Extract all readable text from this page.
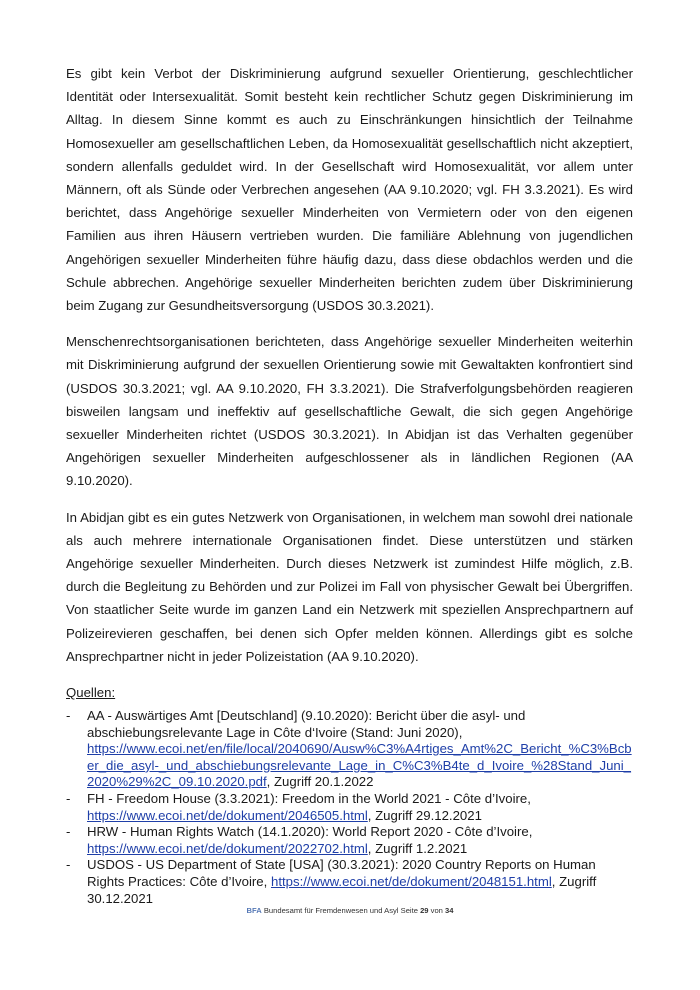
Es gibt kein Verbot der Diskriminierung aufgrund sexueller Orientierung, geschlechtlicher Identität oder Intersexualität. Somit besteht kein rechtlicher Schutz gegen Diskriminierung im Alltag. In diesem Sinne kommt es auch zu Einschränkungen hinsichtlich der Teilnahme Homosexueller am gesellschaftlichen Leben, da Homosexualität gesellschaftlich nicht akzeptiert, sondern allenfalls geduldet wird. In der Gesellschaft wird Homosexualität, vor allem unter Männern, oft als Sünde oder Verbrechen angesehen (AA 9.10.2020; vgl. FH 3.3.2021). Es wird berichtet, dass Angehörige sexueller Minderheiten von Vermietern oder von den eigenen Familien aus ihren Häusern vertrieben wurden. Die familiäre Ablehnung von jugendlichen Angehörigen sexueller Minderheiten führe häufig dazu, dass diese obdachlos werden und die Schule abbrechen. Angehörige sexueller Minderheiten berichten zudem über Diskriminierung beim Zugang zur Gesundheitsversorgung (USDOS 30.3.2021).

Menschenrechtsorganisationen berichteten, dass Angehörige sexueller Minderheiten weiterhin mit Diskriminierung aufgrund der sexuellen Orientierung sowie mit Gewaltakten konfrontiert sind (USDOS 30.3.2021; vgl. AA 9.10.2020, FH 3.3.2021). Die Strafverfolgungsbehörden reagieren bisweilen langsam und ineffektiv auf gesellschaftliche Gewalt, die sich gegen Angehörige sexueller Minderheiten richtet (USDOS 30.3.2021). In Abidjan ist das Verhalten gegenüber Angehörigen sexueller Minderheiten aufgeschlossener als in ländlichen Regionen (AA 9.10.2020).

In Abidjan gibt es ein gutes Netzwerk von Organisationen, in welchem man sowohl drei nationale als auch mehrere internationale Organisationen findet. Diese unterstützen und stärken Angehörige sexueller Minderheiten. Durch dieses Netzwerk ist zumindest Hilfe möglich, z.B. durch die Begleitung zu Behörden und zur Polizei im Fall von physischer Gewalt bei Übergriffen. Von staatlicher Seite wurde im ganzen Land ein Netzwerk mit speziellen Ansprechpartnern auf Polizeirevieren geschaffen, bei denen sich Opfer melden können. Allerdings gibt es solche Ansprechpartner nicht in jeder Polizeistation (AA 9.10.2020).

Quellen:
- AA - Auswärtiges Amt [Deutschland] (9.10.2020): Bericht über die asyl- und abschiebungsrelevante Lage in Côte d‘Ivoire (Stand: Juni 2020),
https://www.ecoi.net/en/file/local/2040690/Ausw%C3%A4rtiges_Amt%2C_Bericht_%C3%Bcber_die_asyl-_und_abschiebungsrelevante_Lage_in_C%C3%B4te_d_Ivoire_%28Stand_Juni_2020%29%2C_09.10.2020.pdf, Zugriff 20.1.2022
- FH - Freedom House (3.3.2021): Freedom in the World 2021 - Côte d’Ivoire,
https://www.ecoi.net/de/dokument/2046505.html, Zugriff 29.12.2021
- HRW - Human Rights Watch (14.1.2020): World Report 2020 - Côte d’Ivoire,
https://www.ecoi.net/de/dokument/2022702.html, Zugriff 1.2.2021
- USDOS - US Department of State [USA] (30.3.2021): 2020 Country Reports on Human Rights Practices: Côte d’Ivoire, https://www.ecoi.net/de/dokument/2048151.html, Zugriff 30.12.2021
BFA Bundesamt für Fremdenwesen und Asyl Seite 29 von 34
